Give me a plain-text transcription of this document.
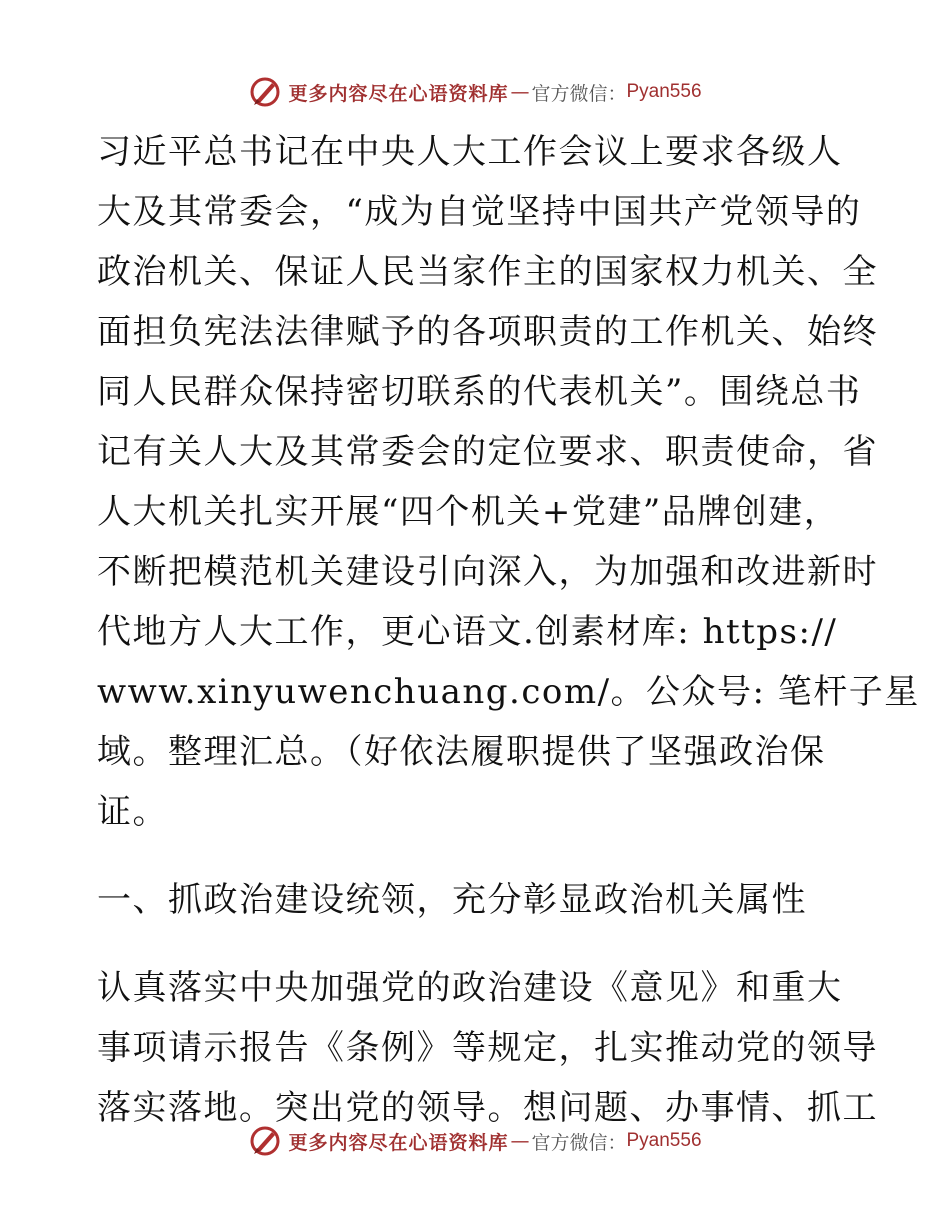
更多内容尽在心语资料库 — 官方微信： Pyan556
习近平总书记在中央人大工作会议上要求各级人
大及其常委会，“成为自觉坚持中国共产党领导的
政治机关、保证人民当家作主的国家权力机关、全
面担负宪法法律赋予的各项职责的工作机关、始终
同人民群众保持密切联系的代表机关”。围绕总书
记有关人大及其常委会的定位要求、职责使命，省
人大机关扎实开展“四个机关+党建”品牌创建，
不断把模范机关建设引向深入，为加强和改进新时
代地方人大工作，更心语文.创素材库: https://
www.xinyuwenchuang.com/。公众号: 笔杆子星
域。整理汇总。（好依法履职提供了坚强政治保
证。
一、抓政治建设统领，充分彰显政治机关属性
认真落实中央加强党的政治建设《意见》和重大
事项请示报告《条例》等规定，扎实推动党的领导
落实落地。突出党的领导。想问题、办事情、抓工
更多内容尽在心语资料库 — 官方微信： Pyan556
